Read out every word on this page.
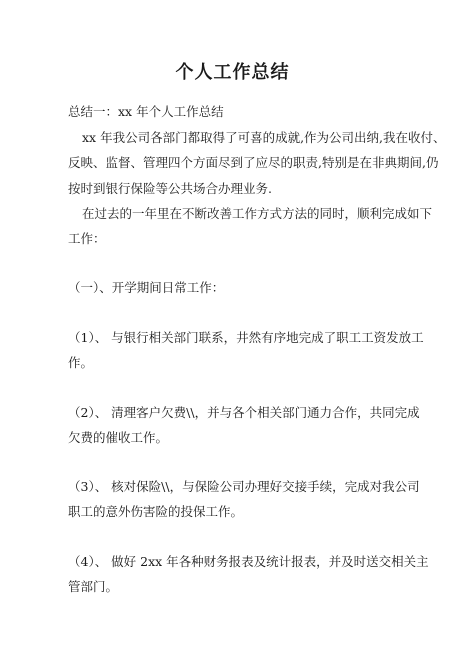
个人工作总结
总结一：xx 年个人工作总结
xx 年我公司各部门都取得了可喜的成就,作为公司出纳,我在收付、
反映、监督、管理四个方面尽到了应尽的职责,特别是在非典期间,仍
按时到银行保险等公共场合办理业务.
在过去的一年里在不断改善工作方式方法的同时，顺利完成如下
工作：
（一）、开学期间日常工作：
（1）、 与银行相关部门联系，井然有序地完成了职工工资发放工
作。
（2）、 清理客户欠费\\，并与各个相关部门通力合作，共同完成
欠费的催收工作。
（3）、 核对保险\\，与保险公司办理好交接手续，完成对我公司
职工的意外伤害险的投保工作。
（4）、 做好 2xx 年各种财务报表及统计报表，并及时送交相关主
管部门。
